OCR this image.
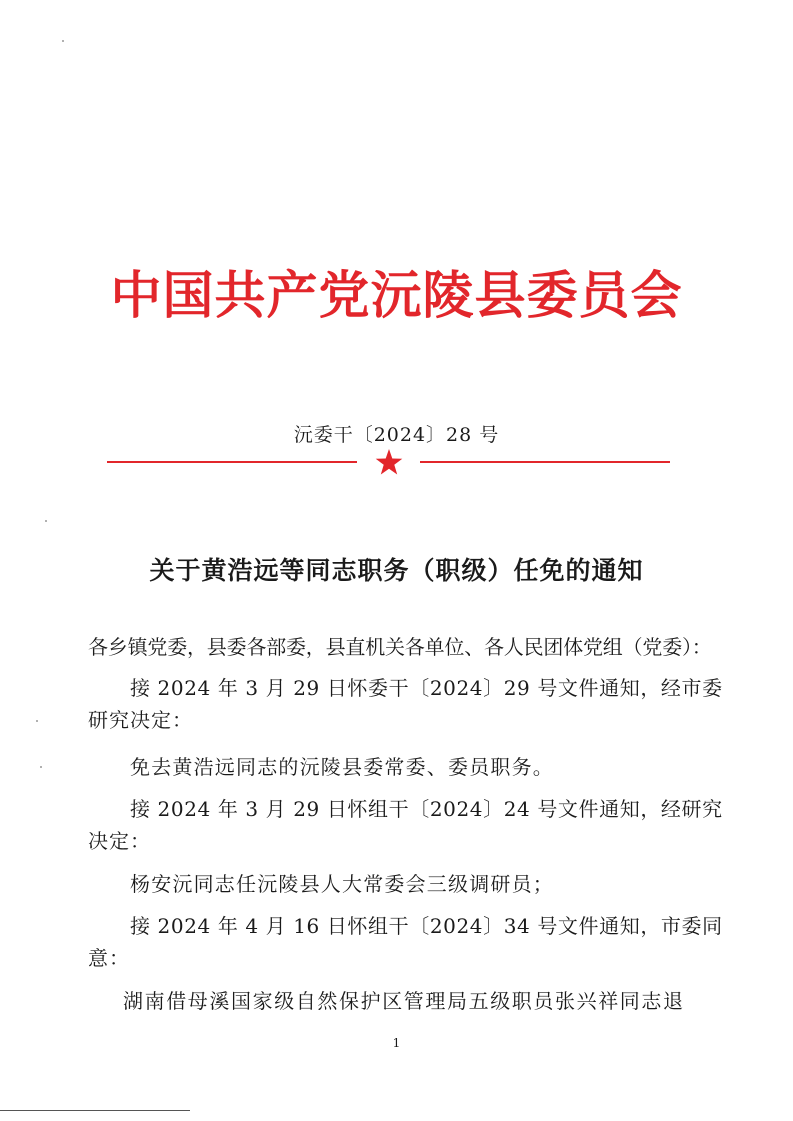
中国共产党沅陵县委员会
沅委干〔2024〕28 号
关于黄浩远等同志职务（职级）任免的通知
各乡镇党委，县委各部委，县直机关各单位、各人民团体党组（党委）：
接 2024 年 3 月 29 日怀委干〔2024〕29 号文件通知，经市委
研究决定：
免去黄浩远同志的沅陵县委常委、委员职务。
接 2024 年 3 月 29 日怀组干〔2024〕24 号文件通知，经研究
决定：
杨安沅同志任沅陵县人大常委会三级调研员；
接 2024 年 4 月 16 日怀组干〔2024〕34 号文件通知，市委同
意：
湖南借母溪国家级自然保护区管理局五级职员张兴祥同志退
1
